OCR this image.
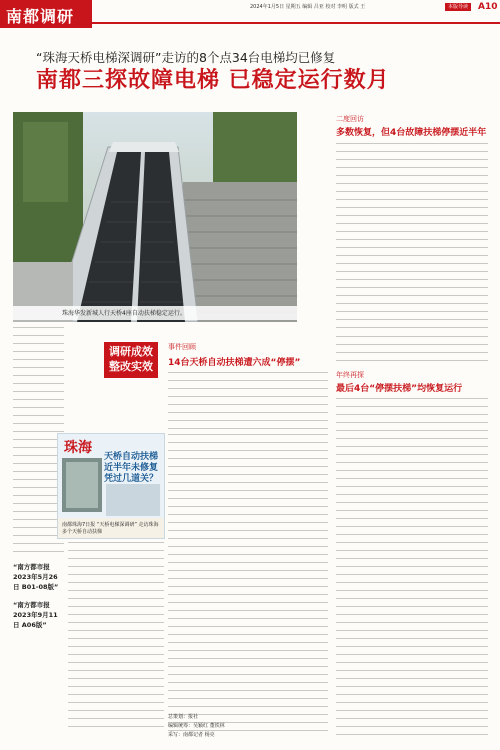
南都调研	2024年1月5日 星期五 编辑 吕亚 校对 李明 版式 王	本版导读	A10
“珠海天桥电梯深调研”走访的8个点34台电梯均已修复
南都三探故障电梯 已稳定运行数月
珠海华发新城人行天桥4座自动扶梯稳定运行。
二度回访
多数恢复，但4台故障扶梯停摆近半年
年终再探
最后4台“停摆扶梯”均恢复运行
调研成效
整改实效
事件回顾
14台天桥自动扶梯遭六成“停摆”
珠海
天桥自动扶梯近半年未修复 凭过几道关？
南都珠海7日报 “天桥电梯深调研” 走访珠海多个天桥自动扶梯
“南方都市报 2023年5月26日 B01-08版”
“南方都市报 2023年9月11日 A06版”
总策划：报社
编辑统筹：吴颖红 董铁林
采写：南都记者 杨亮
